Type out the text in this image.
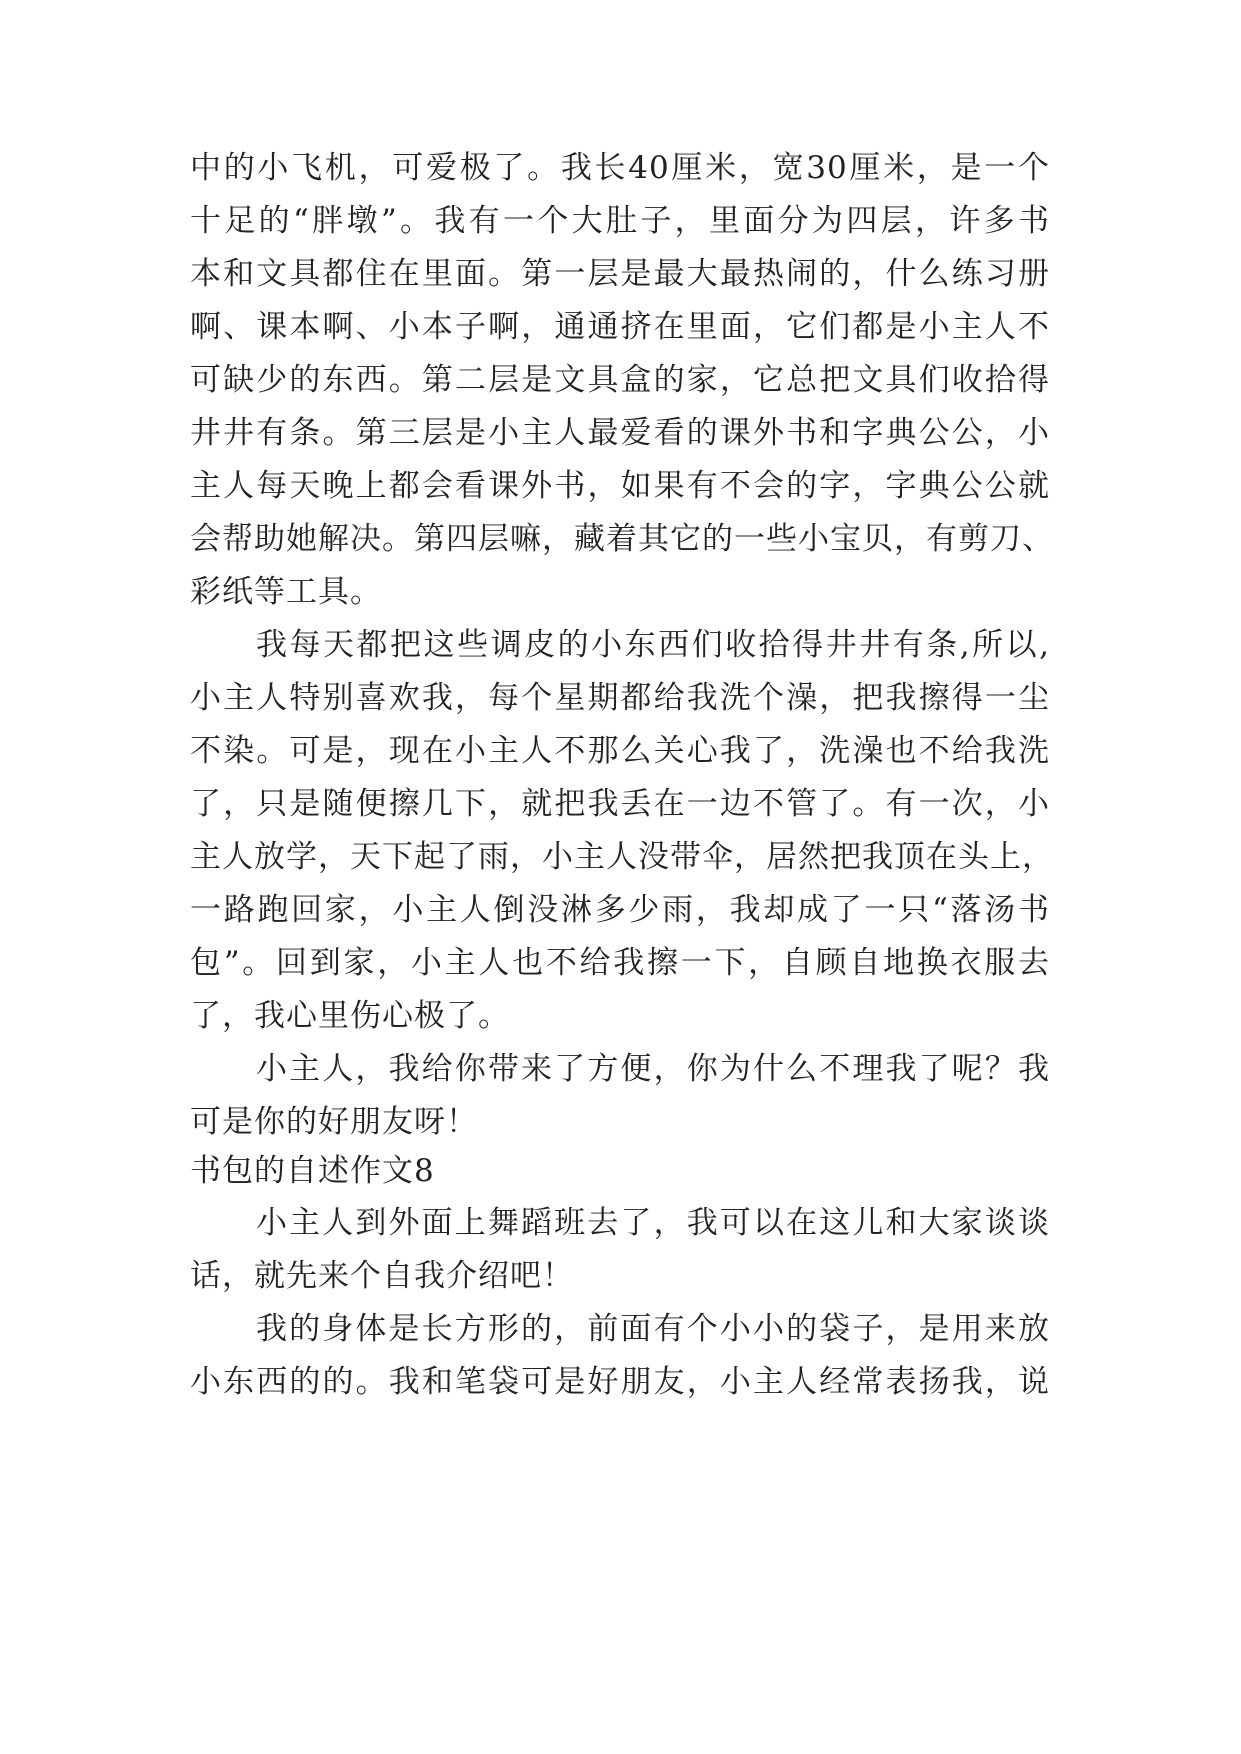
中的小飞机，可爱极了。我长40厘米，宽30厘米，是一个
十足的“胖墩”。我有一个大肚子，里面分为四层，许多书
本和文具都住在里面。第一层是最大最热闹的，什么练习册
啊、课本啊、小本子啊，通通挤在里面，它们都是小主人不
可缺少的东西。第二层是文具盒的家，它总把文具们收拾得
井井有条。第三层是小主人最爱看的课外书和字典公公，小
主人每天晚上都会看课外书，如果有不会的字，字典公公就
会帮助她解决。第四层嘛，藏着其它的一些小宝贝，有剪刀、
彩纸等工具。
我每天都把这些调皮的小东西们收拾得井井有条,所以,
小主人特别喜欢我，每个星期都给我洗个澡，把我擦得一尘
不染。可是，现在小主人不那么关心我了，洗澡也不给我洗
了，只是随便擦几下，就把我丢在一边不管了。有一次，小
主人放学，天下起了雨，小主人没带伞，居然把我顶在头上，
一路跑回家，小主人倒没淋多少雨，我却成了一只“落汤书
包”。回到家，小主人也不给我擦一下，自顾自地换衣服去
了，我心里伤心极了。
小主人，我给你带来了方便，你为什么不理我了呢？我
可是你的好朋友呀！
书包的自述作文8
小主人到外面上舞蹈班去了，我可以在这儿和大家谈谈
话，就先来个自我介绍吧！
我的身体是长方形的，前面有个小小的袋子，是用来放
小东西的的。我和笔袋可是好朋友，小主人经常表扬我，说
